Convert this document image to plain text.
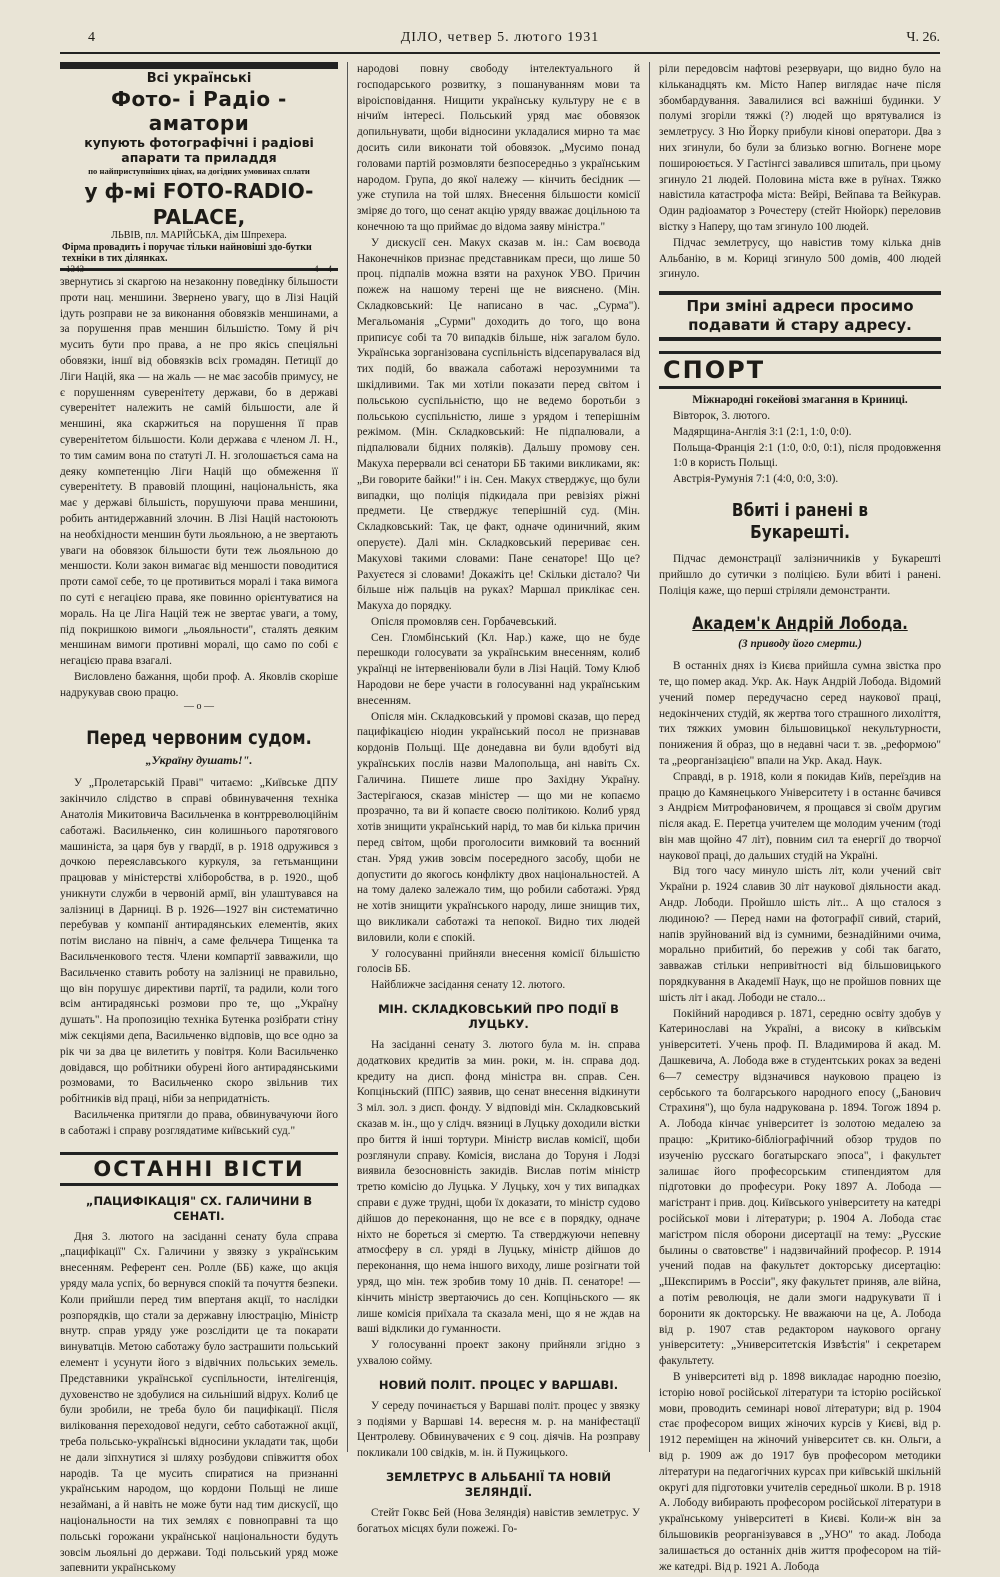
4	ДІЛО, четвер 5. лютого 1931	Ч. 26.
Всі українські
Фото- і Радіо - аматори
купують фотографічні і радіові апарати та приладдя
по найприступніших цінах, на догідних умовинах сплати
у ф-мі FOTO-RADIO-PALACE,
ЛЬВІВ, пл. МАРІЙСЬКА, дім Шпрехера.
Фірма провадить і поручає тільки найновіші здо-бутки техніки в тих ділянках.
1343	4—4

звернутись зі скаргою на незаконну поведінку більшости проти нац. меншини. Звернено увагу, що в Лізі Націй ідуть розправи не за виконання обовязків меншинами, а за порушення прав меншин більшістю. Тому й річ мусить бути про права, а не про якісь спеціяльні обовязки, іншї від обовязків всіх громадян. Петиції до Ліги Націй, яка — на жаль — не має засобів примусу, не є порушенням суверенітету держави, бо в державі суверенітет належить не самій більшости, але й меншині, яка скаржиться на порушення її прав суверенітетом більшости. Коли держава є членом Л. Н., то тим самим вона по статуті Л. Н. зголошається сама на деяку компетенцію Ліги Націй що обмеження її суверенітету. В правовій площині, національність, яка має у державі більшість, порушуючи права меншини, робить антидержавний злочин. В Лізі Націй настоюють на необхідности меншин бути льояльною, а не звертають уваги на обовязок більшости бути теж льояльною до меншости. Коли закон вимагає від меншости поводитися проти самої себе, то це противиться моралі і така вимога по суті є негацією права, яке повинно орієнтуватися на мораль. На це Ліга Націй теж не звертає уваги, а тому, під покришкою вимоги „льояльности", сталять деяким меншинам вимоги противні моралі, що само по собі є негацією права взагалі.

Висловлено бажання, щоби проф. А. Яковлів скоріше надрукував свою працю.

— o —
Перед червоним судом.
„Україну душать!".

У „Пролетарській Праві" читаємо: „Київське ДПУ закінчило слідство в справі обвинувачення техніка Анатолія Микитовича Васильченка в контрреволюційнім саботажі. Васильченко, син колишнього паротягового машиніста, за царя був у гвардії, в р. 1918 одружився з дочкою переяславського куркуля, за гетьманщини працював у міністерстві хліборобства, в р. 1920., щоб уникнути служби в червоній армії, він улаштувався на залізниці в Дарниці. В р. 1926—1927 він систематично перебував у компанії антирадянських елементів, яких потім виcлано на північ, а саме фельчера Тищенка та Васильченкового тестя. Члени компартії завважили, що Васильченко ставить роботу на залізниці не правильно, що він порушує директиви партії, та радили, коли того всім антирадянські розмови про те, що „Україну душать". На пропозицію техніка Бутенка розібрати стіну між секціями депа, Васильченко відповів, що все одно за рік чи за два це вилетить у повітря. Коли Васильченко довідався, що робітники обурені його антирадянськими розмовами, то Васильченко скоро звільнив тих робітників від праці, ніби за непридатність.

Васильченка притягли до права, обвинувачуючи його в саботажі і справу розглядатиме київський суд."

ОСТАННІ ВІСТИ
„ПАЦИФІКАЦІЯ" СХ. ГАЛИЧИНИ В СЕНАТІ.

Дня 3. лютого на засіданні сенату була справа „пацифікації" Сх. Галичини у звязку з українським внесенням. Референт сен. Ролле (ББ) каже, що акція уряду мала успіх, бо вернувся спокій та почуття безпеки. Коли прийшли перед тим впертаня акції, то наслідки розпорядків, що стали за державну ілюстрацію, Міністр внутр. справ уряду уже розслідити це та покарати винуватців. Метою саботажу було застрашити польський елемент і усунути його з відвічних польських земель. Представники української суспільности, інтелігенція, духовенство не здобулися на сильніший відрух. Колиб це були зробили, не треба було би пацифікації. Після виліковання переходової недуги, себто саботажної акції, треба польсько-українські відносини укладати так, щоби не дали зіпхнутися зі шляху розбудови співжиття обох народів. Та це мусить спиратися на признанні українським народом, що кордони Польщі не лише незаймані, а й навіть не може бути над тим дискусії, що національности на тих землях є повноправні та що польські горожани української національности будуть зовсім льояльні до держави. Тоді польський уряд може запевнити українському

народові повну свободу інтелектуального й господарського розвитку, з пошануванням мови та віроісповідання. Нищити українську культуру не є в нічиїм інтересі. Польський уряд має обовязок допильнувати, щоби відносини укладалися мирно та має досить сили виконати той обовязок. „Мусимо понад головами партій розмовляти безпосередньо з українським народом. Група, до якої належу — кінчить бесідник — уже ступила на той шлях. Внесення більшости комісії зміряє до того, що сенат акцію уряду вважає доцільною та конечною та що приймає до відома заяву міністра."

У дискусії сен. Макух сказав м. ін.: Сам воєвода Наконечніков признає представникам преси, що лише 50 проц. підпалів можна взяти на рахунок УВО. Причин пожеж на нашому терені ще не виясненo. (Мін. Складковський: Це написано в час. „Сурма"). Мегальоманія „Сурми" доходить до того, що вона приписує собі та 70 випадків більше, ніж загалом було. Українська зорганізована суспільність відсепарувалася від тих подій, бо вважала саботажі нерозумними та шкідливими. Так ми хотіли показати перед світом і польською суспільністю, що не ведемо боротьби з польською суспільністю, лише з урядом і теперішнім режімом. (Мін. Складковський: Не підпалювали, а підпалювали бідних поляків). Дальшу промову сен. Макуха перервали всі сенатори ББ такими викликами, як: „Ви говорите байки!" і ін. Сен. Макух стверджує, що були випадки, що поліція підкидала при ревізіях ріжні предмети. Це стверджує теперішній суд. (Мін. Складковський: Так, це факт, одначе одиничний, яким оперуєте). Далі мін. Складковський перериває сен. Макухові такими словами: Пане сенаторе! Що це? Рахуєтеся зі словами! Докажіть це! Скільки дістало? Чи більше ніж пальців на руках? Маршал приклікає сен. Макуха до порядку.

Опісля промовляв сен. Горбачевський.

Сен. Гломбінський (Кл. Нар.) каже, що не буде перешкоди голосувати за українським внесенням, колиб українці не інтервеніювали були в Лізі Націй. Тому Клюб Народови не бере участи в голосуванні над українським внесенням.

Опісля мін. Складковський у промові сказав, що перед пацифікацією ніодин український посол не признавав кордонів Польщі. Ще донедавна ви були вдобуті від українських послів назви Малопольща, ані навіть Сх. Галичина. Пишете лише про Західну Україну. Застерігаюся, сказав міністер — що ми не копаємо прозрачно, та ви й копаєте своєю політикою. Колиб уряд хотів знищити український нарід, то мав би кілька причин перед світом, щоби проголосити вимковий та воєнний стан. Уряд ужив зовсім посередного засобу, щоби не допустити до якогось конфлікту двох національностей. А на тому далеко залежало тим, що робили саботажі. Уряд не хотів знищити українського народу, лише знищив тих, що викликали саботажі та непокої. Видно тих людей виловили, коли є спокій.

У голосуванні прийняли внесення комісії більшістю голосів ББ.

Найближче засідання сенату 12. лютого.

МІН. СКЛАДКОВСЬКИЙ ПРО ПОДІЇ В ЛУЦЬКУ.

На засіданні сенату 3. лютого була м. ін. справа додаткових кредитів за мин. роки, м. ін. справа дод. кредиту на дисп. фонд міністра вн. справ. Сен. Копціньский (ППС) заявив, що сенат внесення відкинути 3 міл. зол. з дисп. фонду. У відповіді мін. Складковський сказав м. ін., що у слідч. вязниці в Луцьку доходили вістки про биття й інші тортури. Міністр вислав комісії, щоби розглянули справу. Комісія, вислана до Торуня і Лодзі виявила безосновність закидів. Вислав потім міністр третю комісію до Луцька. У Луцьку, хоч у тих випадках справи є дуже трудні, щоби їх доказати, то міністр судово дійшов до переконання, що не все є в порядку, одначе ніхто не бореться зі смертю. Та стверджуючи непевну атмосферу в сл. уряді в Луцьку, міністр дійшов до переконання, що нема іншого виходу, лише розігнати той уряд, що мін. теж зробив тому 10 днів. П. сенаторе! — кінчить міністр звертаючись до сен. Копціньского — як лише комісія приїхала та сказала мені, що я не ждав на ваші відклики до гуманности.

У голосуванні проект закону прийняли згідно з ухвалою сойму.

НОВИЙ ПОЛІТ. ПРОЦЕС У ВАРШАВІ.

У середу починається у Варшаві політ. процес у звязку з подіями у Варшаві 14. вересня м. р. на маніфестації Центролеву. Обвинувачених є 9 соц. діячів. На розправу покликали 100 свідків, м. ін. й Пужицького.

ЗЕМЛЕТРУС В АЛЬБАНІЇ ТА НОВІЙ ЗЕЛЯНДІЇ.

Стейт Гоквс Бей (Нова Зеляндія) навістив землетрус. У богатьох місцях були пожежі. Го-

ріли передовсім нафтові резервуари, що видно було на кільканадцять км. Місто Напер виглядає наче після збомбардування. Завалилися всі важніші будинки. У полумі згоріли тяжкі (?) людей що врятувалися із землетрусу. З Ню Йорку прибули кінові оператори. Два з них згинули, бо були за близько вогню. Вогнене море пошироюється. У Гастінгсі завалився шпиталь, при цьому згинуло 21 людей. Половина міста вже в руїнах. Тяжко навістила катастрофа міста: Вейрі, Вейпава та Вейкурав. Один радіоаматор з Рочестеру (стейт Нюйорк) переловив вістку з Наперу, що там згинуло 100 людей.

Підчас землетрусу, що навістив тому кілька днів Альбанію, в м. Кориці згинуло 500 домів, 400 людей згинуло.

При зміні адреси просимо подавати й стару адресу.
СПОРТ
Міжнародні гокейові змагання в Криниці.
Вівторок, 3. лютого.
Мадярщина-Англія 3:1 (2:1, 1:0, 0:0).
Польща-Франція 2:1 (1:0, 0:0, 0:1), після продовження 1:0 в користь Польщі.
Австрія-Румунія 7:1 (4:0, 0:0, 3:0).
Вбиті і ранені в Букарешті.

Підчас демонстрації залізничників у Букарешті прийшло до сутички з поліцією. Були вбиті і ранені. Поліція каже, що перші стріляли демонстранти.

Академ'к Андрій Лобода.
(З приводу його смерти.)

В останніх днях із Києва прийшла сумна звістка про те, що помер акад. Укр. Ак. Наук Андрій Лобода. Відомий учений помер передучасно серед наукової праці, недокінчених студій, як жертва того страшного лихоліття, тих тяжких умовин більшовицької некультурности, понижения й образ, що в недавні часи т. зв. „реформою" та „реорганізацією" впали на Укр. Акад. Наук.

Справді, в р. 1918, коли я покидав Київ, переїздив на працю до Камянецького Університету і в останнє бачився з Андрієм Митрофановичем, я прощався зі своїм другим після акад. Е. Перетца учителем ще молодим ученим (тоді він мав щойно 47 літ), повним сил та енергії до творчої наукової праці, до дальших студій на Україні.

Від того часу минуло шість літ, коли учений світ України р. 1924 славив 30 літ наукової діяльности акад. Андр. Лободи. Пройшло шість літ... А що сталося з людиною? — Перед нами на фотографії сивий, старий, напів зруйнований від із сумними, безнадійними очима, морально прибитий, бо пережив у собі так багато, завважав стільки непривітності від більшовицького порядкування в Академії Наук, що не пройшов повних ще шість літ і акад. Лободи не стало...

Покійний народився р. 1871, середню освіту здобув у Катеринославі на Україні, а високу в київськім університеті. Учень проф. П. Владимирова й акад. М. Дашкевича, А. Лобода вже в студентських роках за ведені 6—7 семестру відзначився науковою працею із сербського та болгарського народного епосу („Банович Страхиня"), що була надрукована р. 1894. Тогож 1894 р. А. Лобода кінчає університет із золотою медалею за працю: „Критико-бібліографічний обзор трудов по изученію русскаго богатырскаго эпоса", і факультет залишає його професорським стипендиятом для підготовки до професури. Року 1897 А. Лобода — магістрант і прив. доц. Київського університету на катедрі російської мови і літератури; р. 1904 А. Лобода стає магістром після оборони дисертації на тему: „Русские былины о сватовстве" і надзвичайний професор. Р. 1914 учений подав на факультет докторську дисертацію: „Шекспиримъ в Россіи", яку факультет приняв, але війна, а потім революція, не дали змоги надрукувати її і боронити як докторську. Не вважаючи на це, А. Лобода від р. 1907 став редактором наукового органу університету: „Университетскія Извѣстія" і секретарем факультету.

В університеті від р. 1898 викладає народню поезію, історію нової російської літератури та історію російської мови, проводить семинарі нової літератури; від р. 1904 стає професором вищих жіночих курсів у Києві, від р. 1912 переміщен на жіночий університет св. кн. Ольги, а від р. 1909 аж до 1917 був професором методики літератури на педагогічних курсах при київській шкільній округі для підготовки учителів середньої школи. В р. 1918 А. Лободу вибирають професором російської літератури в українському університеті в Києві. Коли-ж він за більшовиків реорганізувався в „УНО" то акад. Лобода залишається до останніх днів життя професором на тій-же катедрі. Від р. 1921 А. Лобода
